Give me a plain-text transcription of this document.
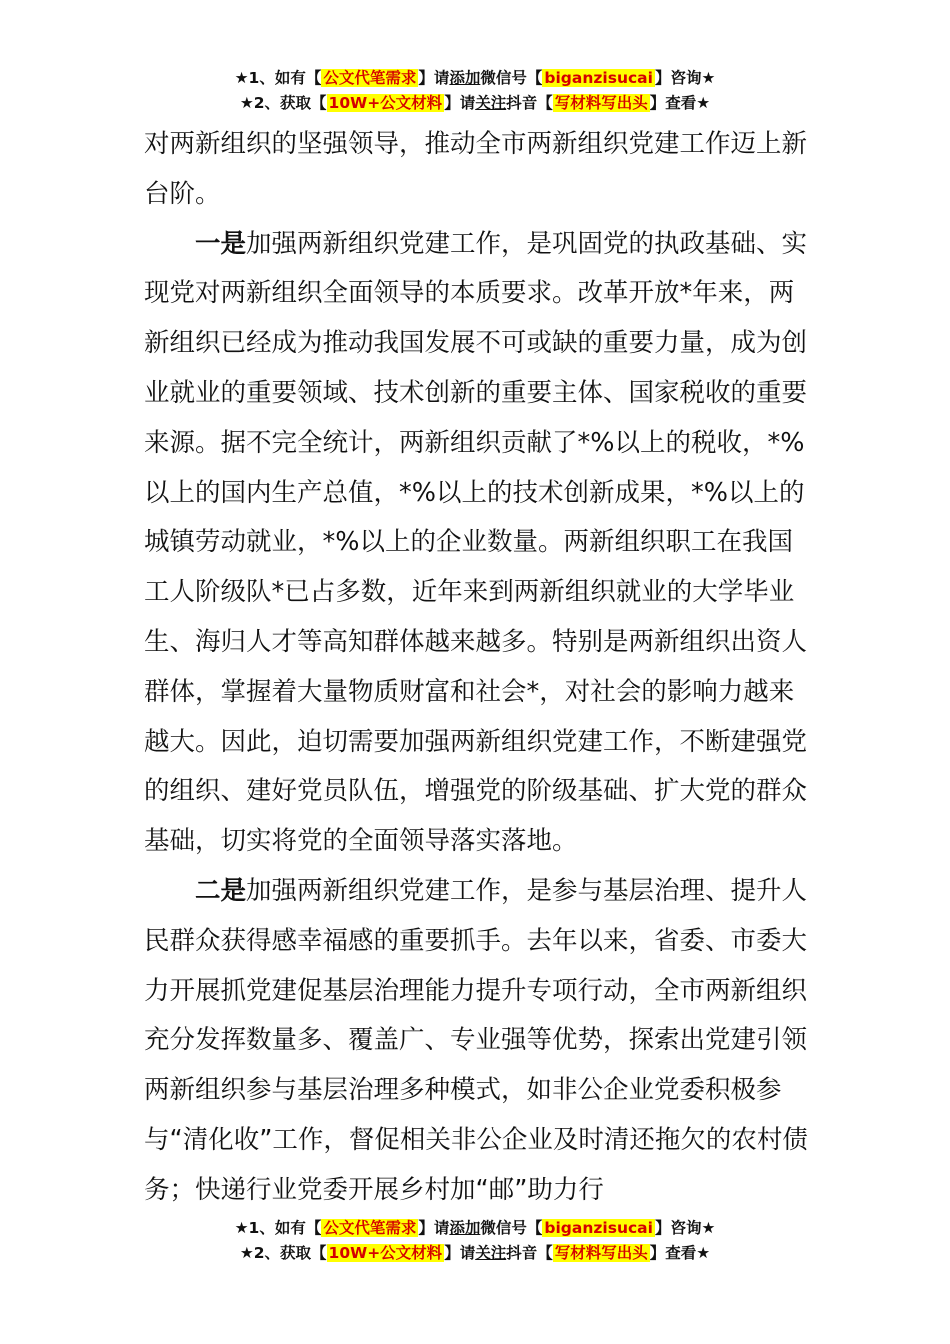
★1、如有【 公文代笔需求 】请添加微信号【 biganzisucai 】咨询★
★2、获取【 10W+公文材料 】请关注抖音【 写材料写出头 】查看★

对两新组织的坚强领导，推动全市两新组织党建工作迈上新台阶。

一是加强两新组织党建工作，是巩固党的执政基础、实现党对两新组织全面领导的本质要求。改革开放*年来，两新组织已经成为推动我国发展不可或缺的重要力量，成为创业就业的重要领域、技术创新的重要主体、国家税收的重要来源。据不完全统计，两新组织贡献了*%以上的税收，*%以上的国内生产总值，*%以上的技术创新成果，*%以上的城镇劳动就业，*%以上的企业数量。两新组织职工在我国工人阶级队*已占多数，近年来到两新组织就业的大学毕业生、海归人才等高知群体越来越多。特别是两新组织出资人群体，掌握着大量物质财富和社会*，对社会的影响力越来越大。因此，迫切需要加强两新组织党建工作，不断建强党的组织、建好党员队伍，增强党的阶级基础、扩大党的群众基础，切实将党的全面领导落实落地。

二是加强两新组织党建工作，是参与基层治理、提升人民群众获得感幸福感的重要抓手。去年以来，省委、市委大力开展抓党建促基层治理能力提升专项行动，全市两新组织充分发挥数量多、覆盖广、专业强等优势，探索出党建引领两新组织参与基层治理多种模式，如非公企业党委积极参与“清化收”工作，督促相关非公企业及时清还拖欠的农村债务；快递行业党委开展乡村加“邮”助力行

★1、如有【 公文代笔需求 】请添加微信号【 biganzisucai 】咨询★
★2、获取【 10W+公文材料 】请关注抖音【 写材料写出头 】查看★
